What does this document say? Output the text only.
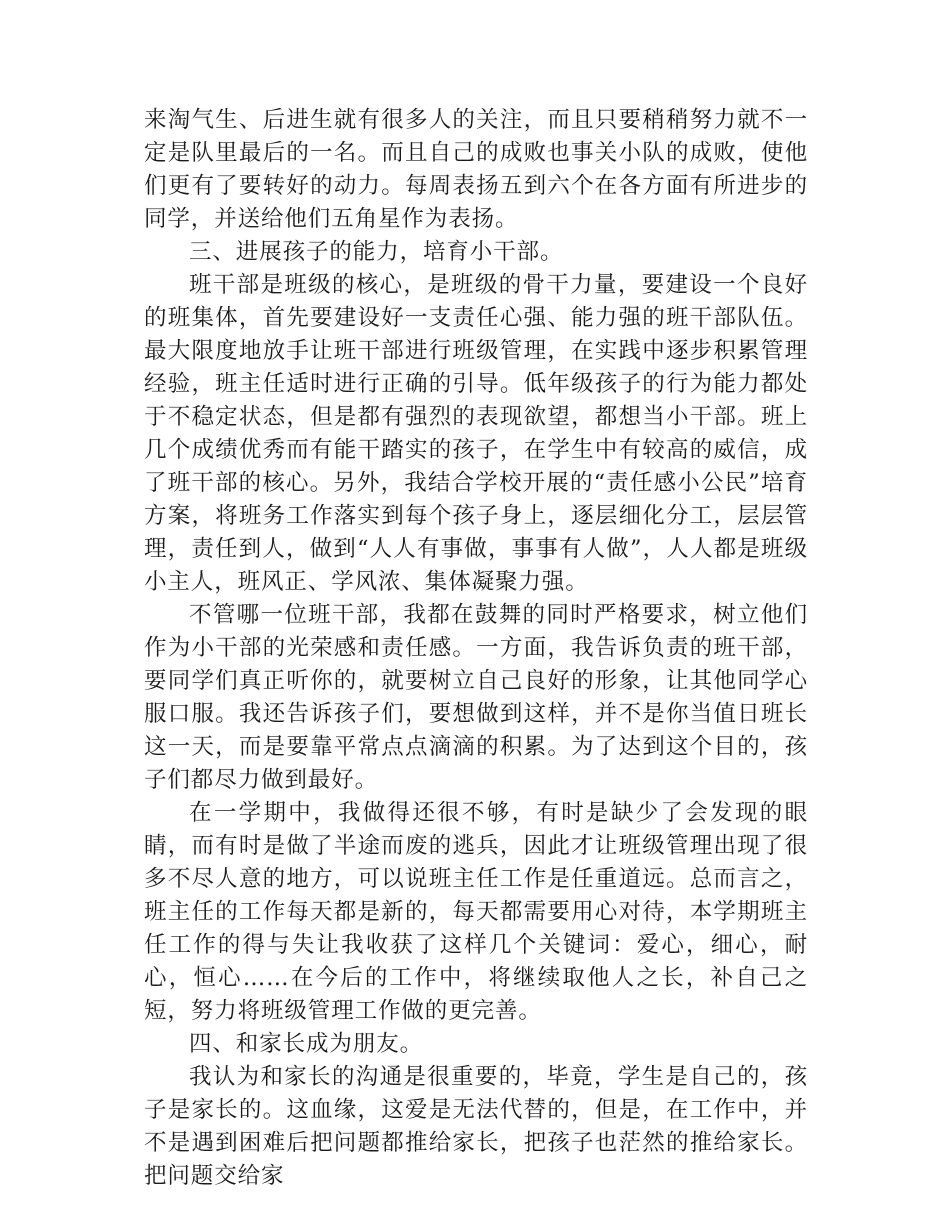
来淘气生、后进生就有很多人的关注，而且只要稍稍努力就不一定是队里最后的一名。而且自己的成败也事关小队的成败，使他们更有了要转好的动力。每周表扬五到六个在各方面有所进步的同学，并送给他们五角星作为表扬。

三、进展孩子的能力，培育小干部。

班干部是班级的核心，是班级的骨干力量，要建设一个良好的班集体，首先要建设好一支责任心强、能力强的班干部队伍。最大限度地放手让班干部进行班级管理，在实践中逐步积累管理经验，班主任适时进行正确的引导。低年级孩子的行为能力都处于不稳定状态，但是都有强烈的表现欲望，都想当小干部。班上几个成绩优秀而有能干踏实的孩子，在学生中有较高的威信，成了班干部的核心。另外，我结合学校开展的“责任感小公民”培育方案，将班务工作落实到每个孩子身上，逐层细化分工，层层管理，责任到人，做到“人人有事做，事事有人做”，人人都是班级小主人，班风正、学风浓、集体凝聚力强。

不管哪一位班干部，我都在鼓舞的同时严格要求，树立他们作为小干部的光荣感和责任感。一方面，我告诉负责的班干部，要同学们真正听你的，就要树立自己良好的形象，让其他同学心服口服。我还告诉孩子们，要想做到这样，并不是你当值日班长这一天，而是要靠平常点点滴滴的积累。为了达到这个目的，孩子们都尽力做到最好。

在一学期中，我做得还很不够，有时是缺少了会发现的眼睛，而有时是做了半途而废的逃兵，因此才让班级管理出现了很多不尽人意的地方，可以说班主任工作是任重道远。总而言之，班主任的工作每天都是新的，每天都需要用心对待，本学期班主任工作的得与失让我收获了这样几个关键词：爱心，细心，耐心，恒心……在今后的工作中，将继续取他人之长，补自己之短，努力将班级管理工作做的更完善。

四、和家长成为朋友。

我认为和家长的沟通是很重要的，毕竟，学生是自己的，孩子是家长的。这血缘，这爱是无法代替的，但是，在工作中，并不是遇到困难后把问题都推给家长，把孩子也茫然的推给家长。把问题交给家
